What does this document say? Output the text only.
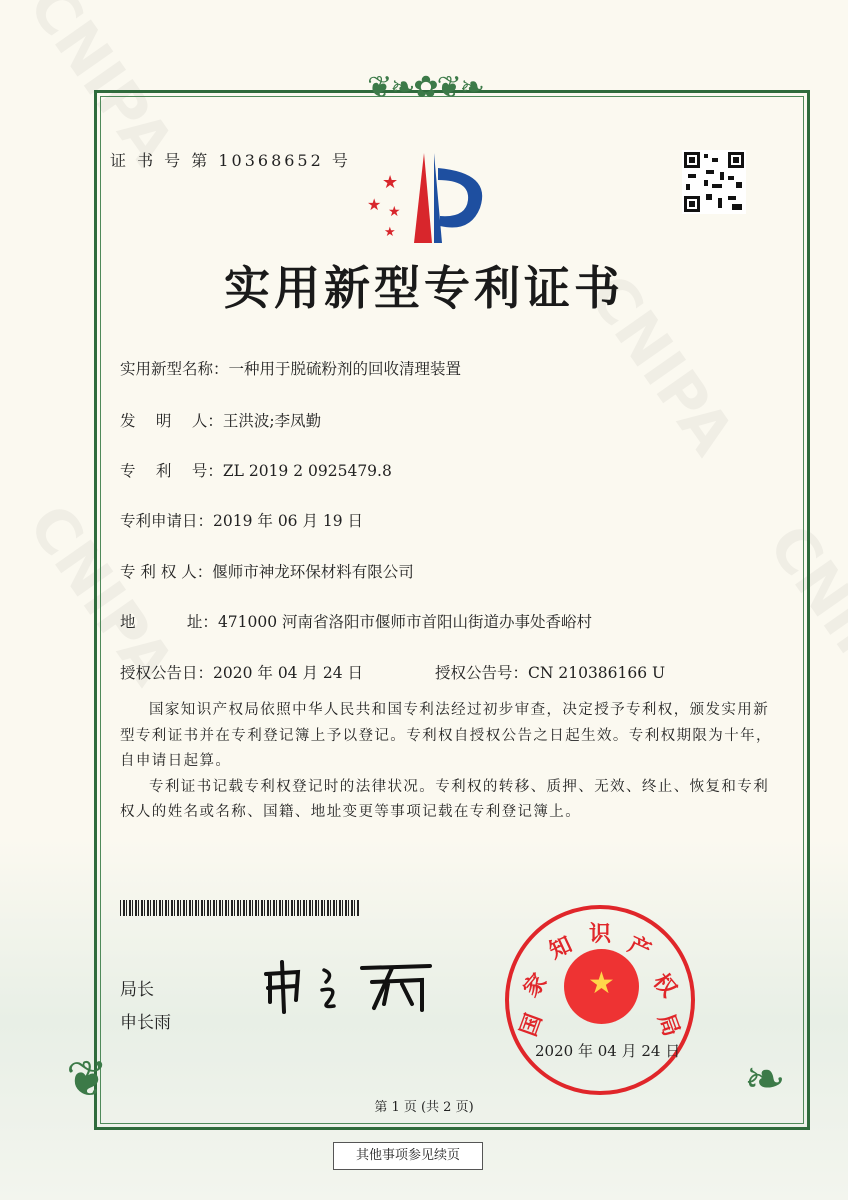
❦❧✿❦❧
❦	❧
证 书 号 第 10368652 号
★
★ ★
★
实用新型专利证书
实用新型名称：一种用于脱硫粉剂的回收清理装置
发　 明　 人：王洪波;李凤勤
专　 利　 号：ZL 2019 2 0925479.8
专利申请日：2019 年 06 月 19 日
专 利 权 人：偃师市神龙环保材料有限公司
地　　　 址：471000 河南省洛阳市偃师市首阳山街道办事处香峪村
授权公告日：2020 年 04 月 24 日	授权公告号：CN 210386166 U

国家知识产权局依照中华人民共和国专利法经过初步审查，决定授予专利权，颁发实用新型专利证书并在专利登记簿上予以登记。专利权自授权公告之日起生效。专利权期限为十年，自申请日起算。

专利证书记载专利权登记时的法律状况。专利权的转移、质押、无效、终止、恢复和专利权人的姓名或名称、国籍、地址变更等事项记载在专利登记簿上。

局长
申长雨
★
国
家
知 识 产
权
局
2020 年 04 月 24 日
第 1 页 (共 2 页)
其他事项参见续页
